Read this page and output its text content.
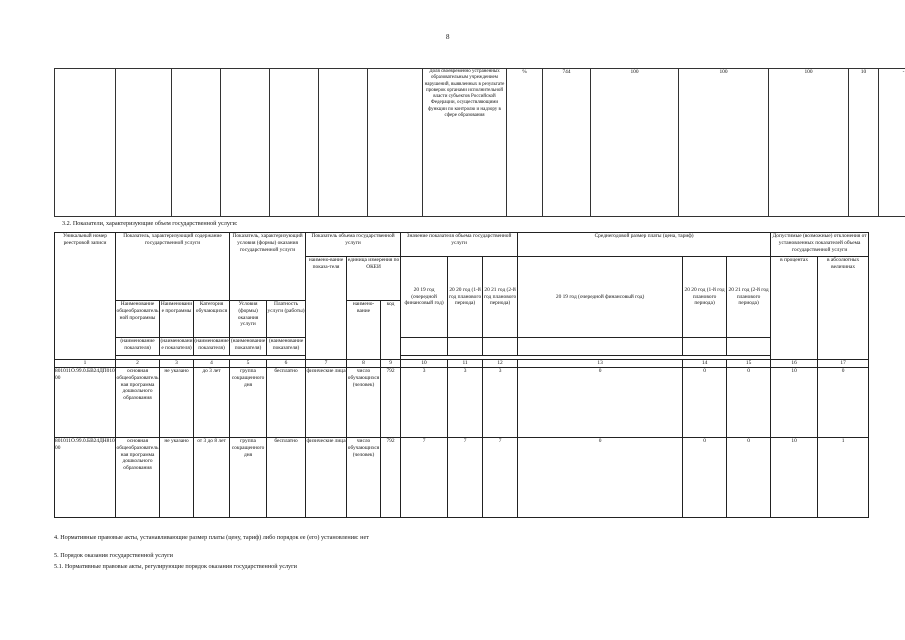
8
							Доля своевременно устраненных образовательным учреждением нарушений, выявленных в результате проверок органами исполнительной власти субъектов Российской Федерации, осуществляющими функции по контролю и надзору в сфере образования	%	744	100	100	100	10	-
3.2. Показатели, характеризующие объем государственной услуги:
Уникальный номер реестровой записи	Показатель, характеризующий содержание государственной услуги			Показатель, характеризующий условия (формы) оказания государственной услуги		Показатель объема государственной услуги			Значение показателя объема государственной услуги			Среднегодовой размер платы (цена, тариф)			Допустимые (возможные) отклонения от установленных показателей объема государственной услуги	
						наимено-вание показа-теля	единица измерения по ОКЕИ		20 19 год (очередной финансовый год)	20 20 год (1-й год планового периода)	20 21 год (2-й год планового периода)	20 19 год (очередной финансовый год)	20 20 год (1-й год планового периода)	20 21 год (2-й год планового периода)	в процентах	в абсолютных величинах
	Наименование общеобразовательной программы	Наименование программы	Категория обучающихся	Условия (формы) оказания услуги	Платность услуги (работы)		наимено-вание	код								
	(наименование показателя)	(наименование показателя)	(наименование показателя)	(наименование показателя)	(наименование показателя)											

1	2	3	4	5	6	7	8	9	10	11	12	13	14	15	16	17
801011О.99.0.БВ24ДП01000	основная общеобразовательная программа дошкольного образования	не указано	до 3 лет	группа сокращенного дня	бесплатно	физические лица	число обучающихся (человек)	792	3	3	3	0	0	0	10	0
801011О.99.0.БВ24ДН81000	основная общеобразовательная программа дошкольного образования	не указано	от 3 до 8 лет	группа сокращенного дня	бесплатно	физические лица	число обучающихся (человек)	792	7	7	7	0	0	0	10	1
4. Нормативные правовые акты, устанавливающие размер платы (цену, тариф) либо порядок ее (его) установления: нет
5. Порядок оказания государственной услуги
5.1. Нормативные правовые акты, регулирующие порядок оказания государственной услуги
